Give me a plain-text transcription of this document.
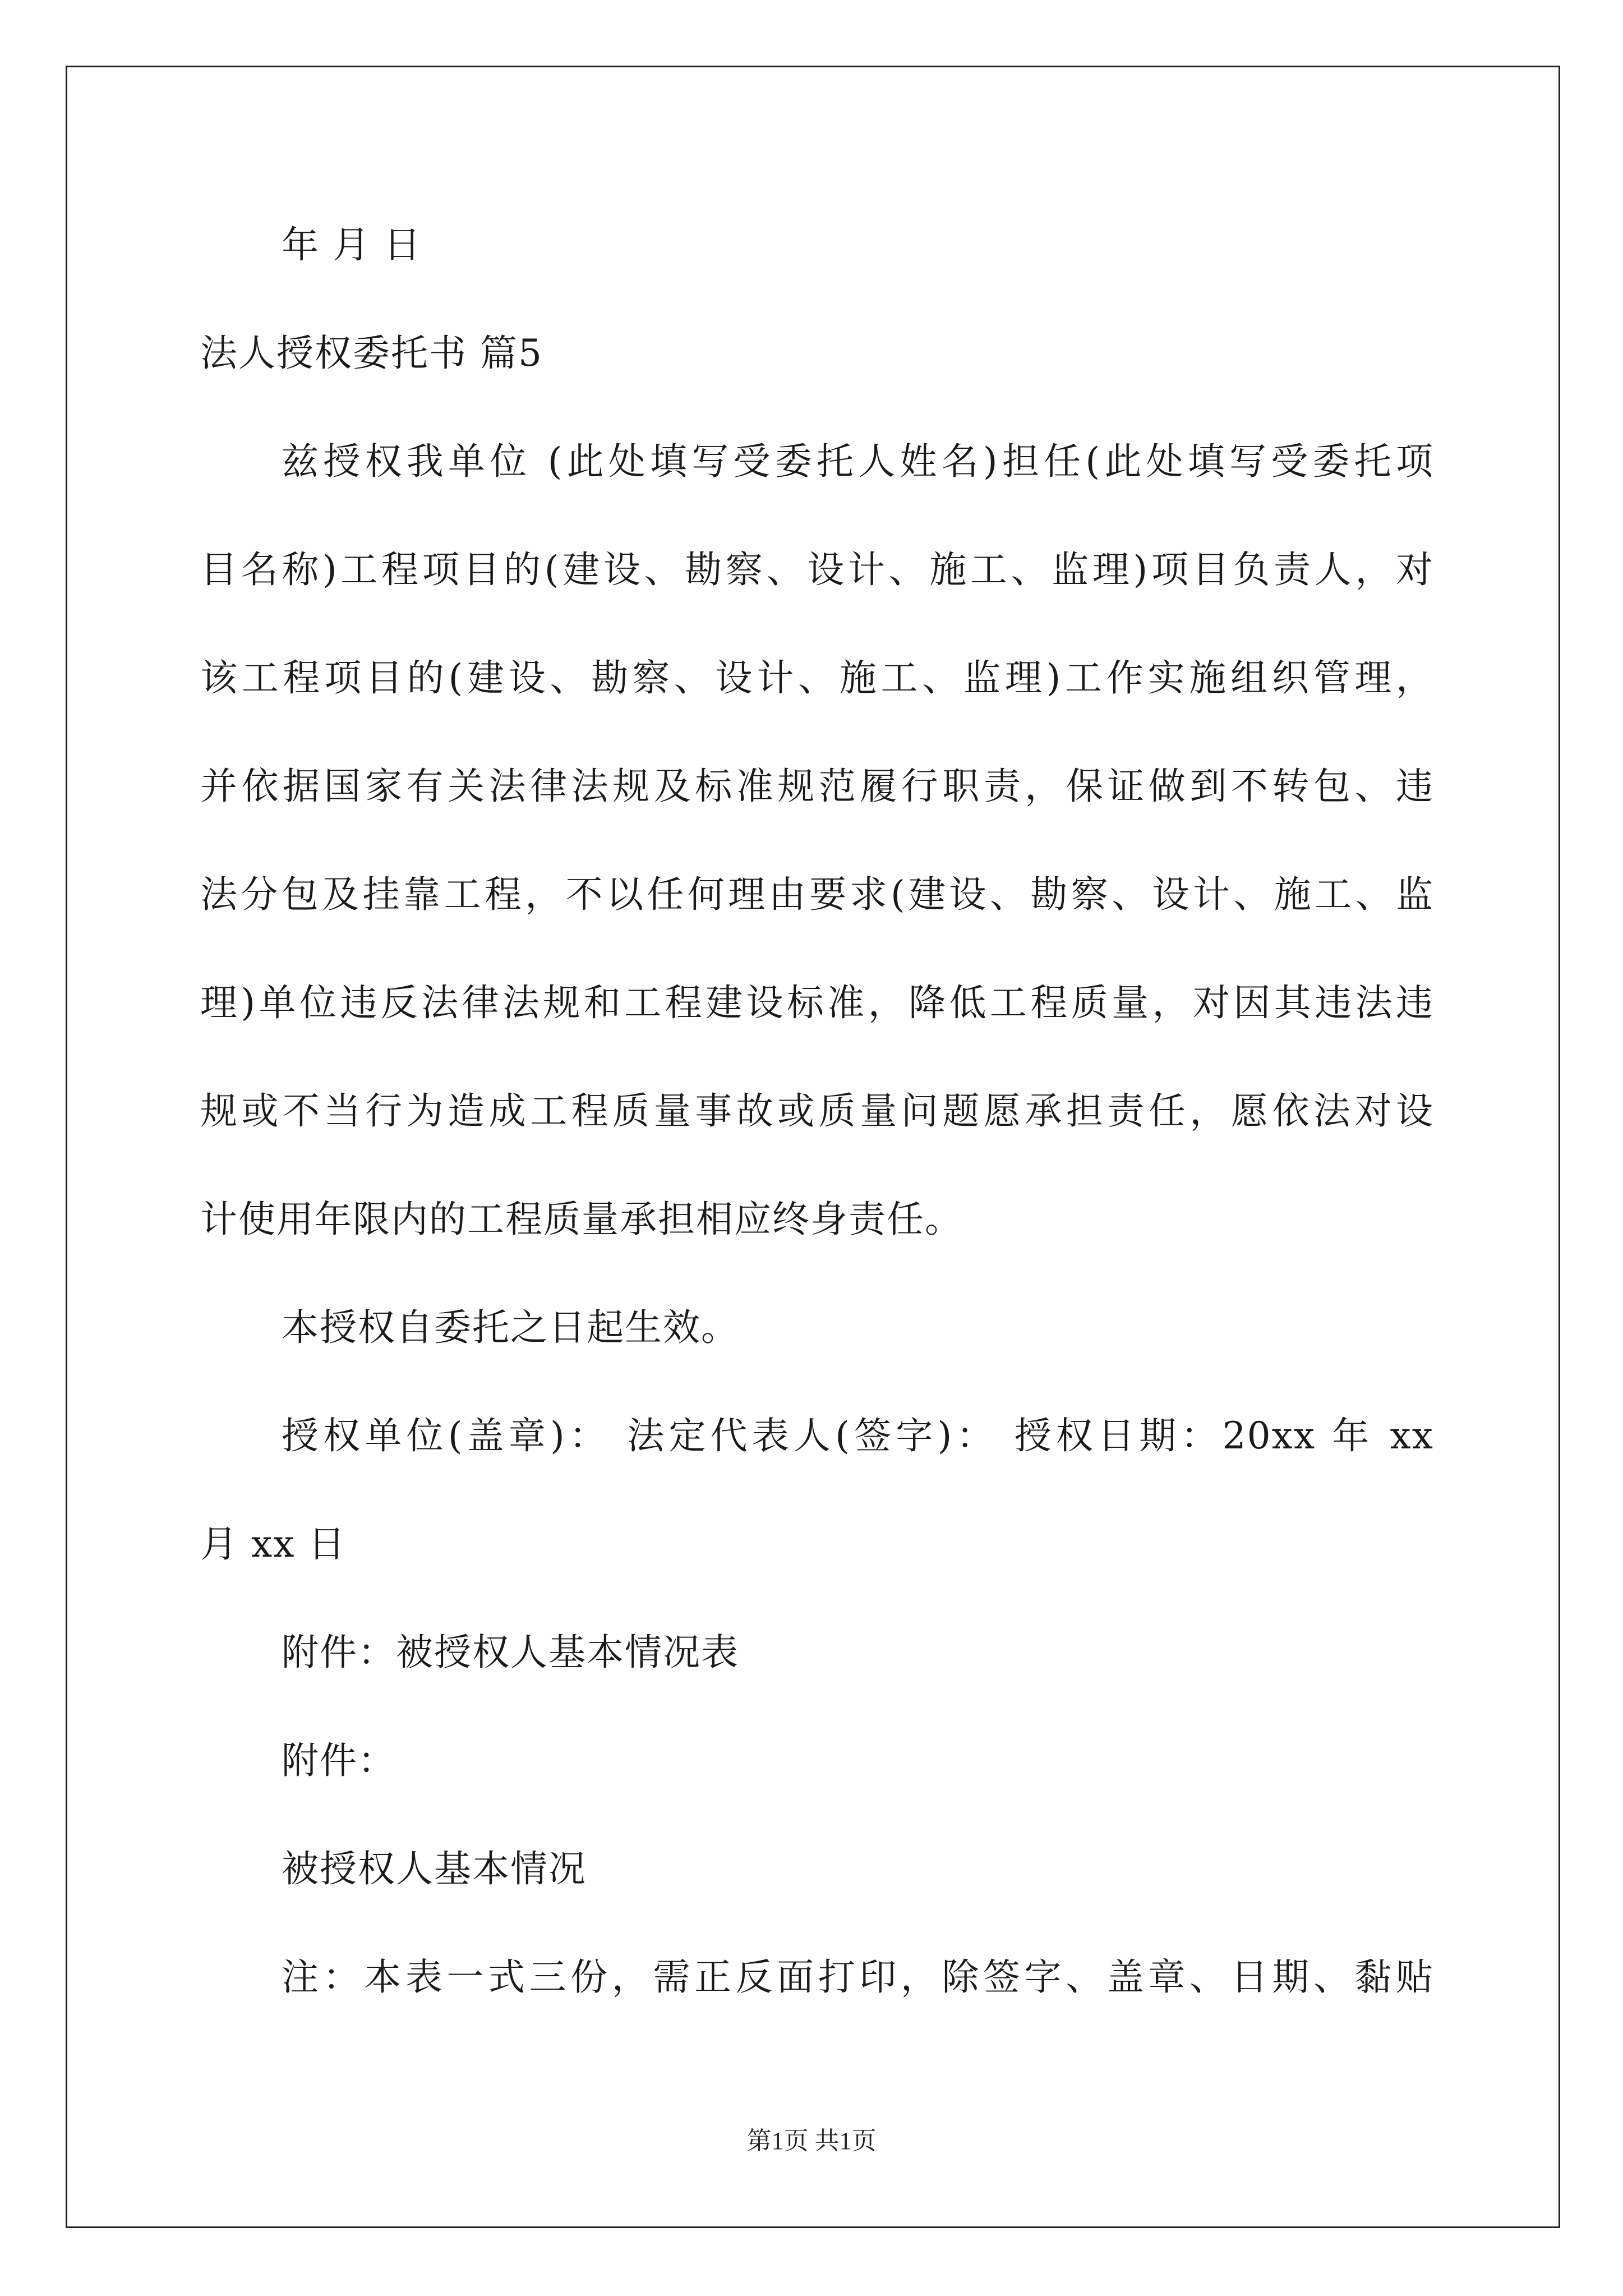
年 月 日
法人授权委托书 篇5
兹授权我单位 (此处填写受委托人姓名)担任(此处填写受委托项
目名称)工程项目的(建设、勘察、设计、施工、监理)项目负责人，对
该工程项目的(建设、勘察、设计、施工、监理)工作实施组织管理，
并依据国家有关法律法规及标准规范履行职责，保证做到不转包、违
法分包及挂靠工程，不以任何理由要求(建设、勘察、设计、施工、监
理)单位违反法律法规和工程建设标准，降低工程质量，对因其违法违
规或不当行为造成工程质量事故或质量问题愿承担责任，愿依法对设
计使用年限内的工程质量承担相应终身责任。
本授权自委托之日起生效。
授权单位(盖章)： 法定代表人(签字)： 授权日期：20xx 年 xx
月 xx 日
附件：被授权人基本情况表
附件：
被授权人基本情况
注：本表一式三份，需正反面打印，除签字、盖章、日期、黏贴
第1页 共1页
